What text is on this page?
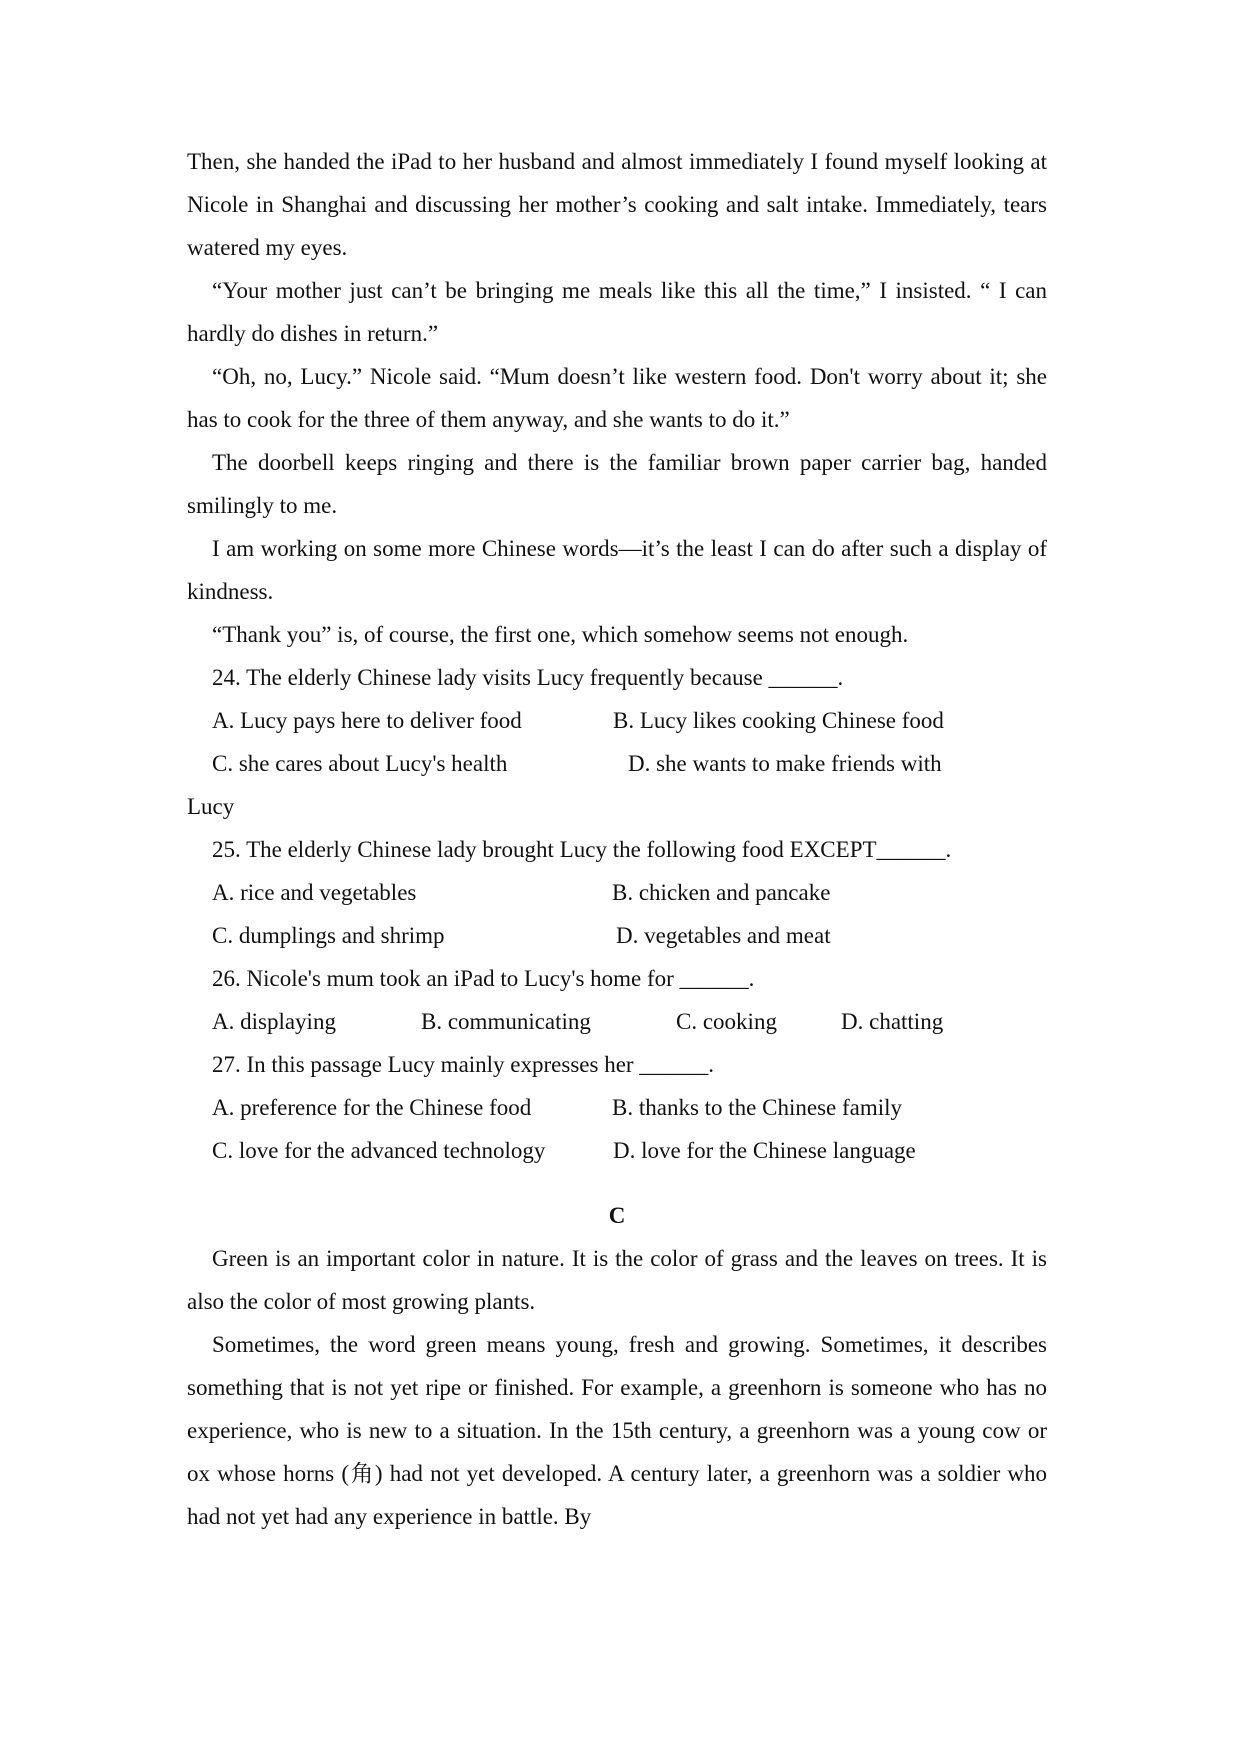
Then, she handed the iPad to her husband and almost immediately I found myself looking at Nicole in Shanghai and discussing her mother’s cooking and salt intake. Immediately, tears watered my eyes.

“Your mother just can’t be bringing me meals like this all the time,” I insisted. “ I can hardly do dishes in return.”

“Oh, no, Lucy.” Nicole said. “Mum doesn’t like western food. Don't worry about it; she has to cook for the three of them anyway, and she wants to do it.”

The doorbell keeps ringing and there is the familiar brown paper carrier bag, handed smilingly to me.

I am working on some more Chinese words—it’s the least I can do after such a display of kindness.

“Thank you” is, of course, the first one, which somehow seems not enough.

24. The elderly Chinese lady visits Lucy frequently because ______.

A. Lucy pays here to deliver food	B. Lucy likes cooking Chinese food
C. she cares about Lucy's health	D. she wants to make friends with

Lucy

25. The elderly Chinese lady brought Lucy the following food EXCEPT______.

A. rice and vegetables	B. chicken and pancake
C. dumplings and shrimp	D. vegetables and meat

26. Nicole's mum took an iPad to Lucy's home for ______.

A. displaying	B. communicating	C. cooking	D. chatting

27. In this passage Lucy mainly expresses her ______.

A. preference for the Chinese food	B. thanks to the Chinese family
C. love for the advanced technology	D. love for the Chinese language
C

Green is an important color in nature. It is the color of grass and the leaves on trees. It is also the color of most growing plants.

Sometimes, the word green means young, fresh and growing. Sometimes, it describes something that is not yet ripe or finished. For example, a greenhorn is someone who has no experience, who is new to a situation. In the 15th century, a greenhorn was a young cow or ox whose horns (角) had not yet developed. A century later, a greenhorn was a soldier who had not yet had any experience in battle. By
